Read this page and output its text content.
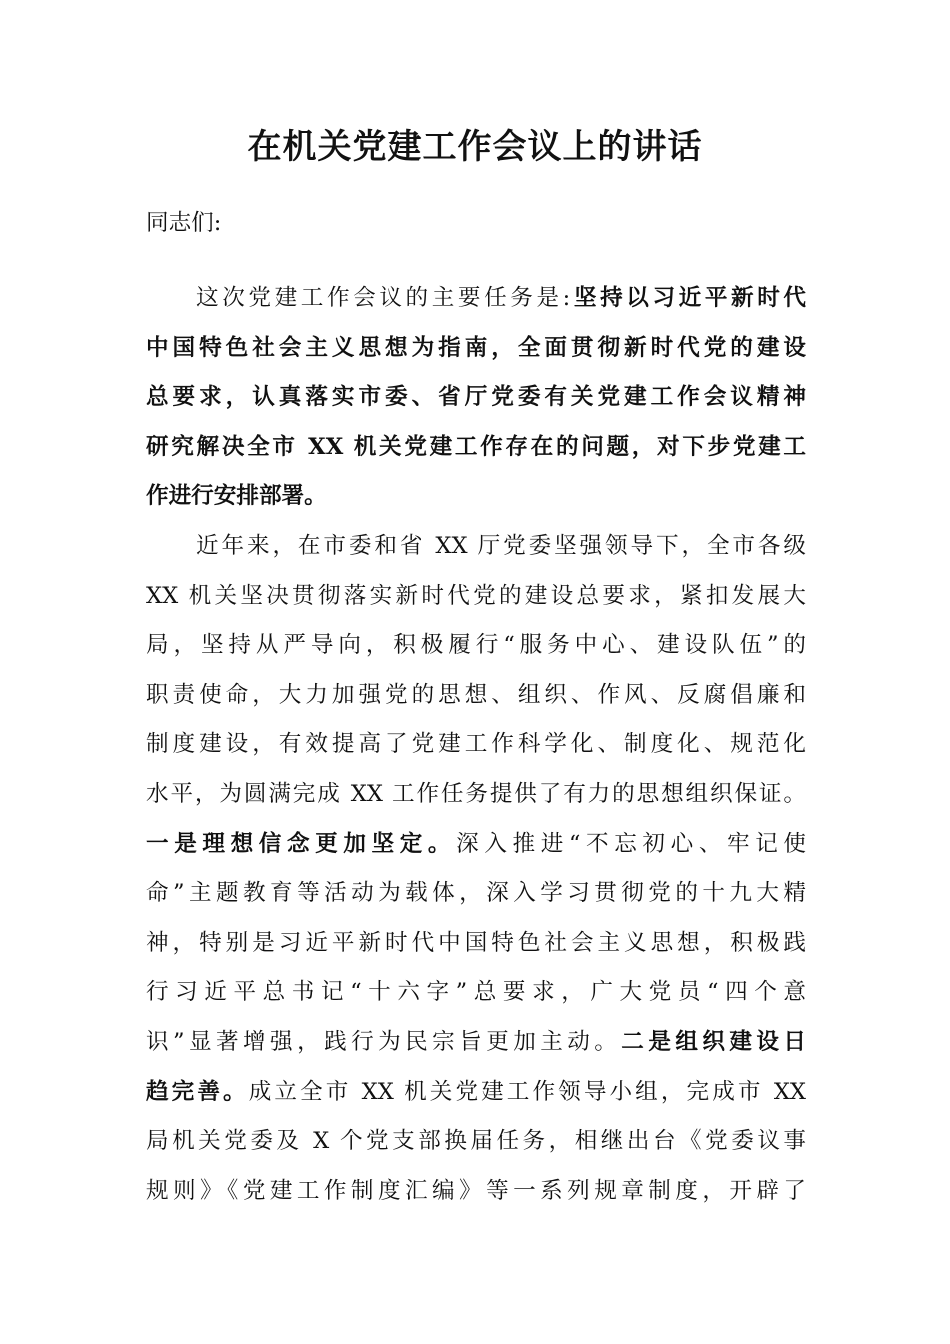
在机关党建工作会议上的讲话

同志们:

这次党建工作会议的主要任务是:坚持以习近平新时代

中国特色社会主义思想为指南，全面贯彻新时代党的建设

总要求，认真落实市委、省厅党委有关党建工作会议精神

研究解决全市 XX 机关党建工作存在的问题，对下步党建工

作进行安排部署。

近年来，在市委和省 XX 厅党委坚强领导下，全市各级

XX 机关坚决贯彻落实新时代党的建设总要求，紧扣发展大

局，坚持从严导向，积极履行“服务中心、建设队伍”的

职责使命，大力加强党的思想、组织、作风、反腐倡廉和

制度建设，有效提高了党建工作科学化、制度化、规范化

水平，为圆满完成 XX 工作任务提供了有力的思想组织保证。

一是理想信念更加坚定。深入推进“不忘初心、牢记使

命”主题教育等活动为载体，深入学习贯彻党的十九大精

神，特别是习近平新时代中国特色社会主义思想，积极践

行习近平总书记“十六字”总要求，广大党员“四个意

识”显著增强，践行为民宗旨更加主动。二是组织建设日

趋完善。成立全市 XX 机关党建工作领导小组，完成市 XX

局机关党委及 X 个党支部换届任务，相继出台《党委议事

规则》《党建工作制度汇编》等一系列规章制度，开辟了
